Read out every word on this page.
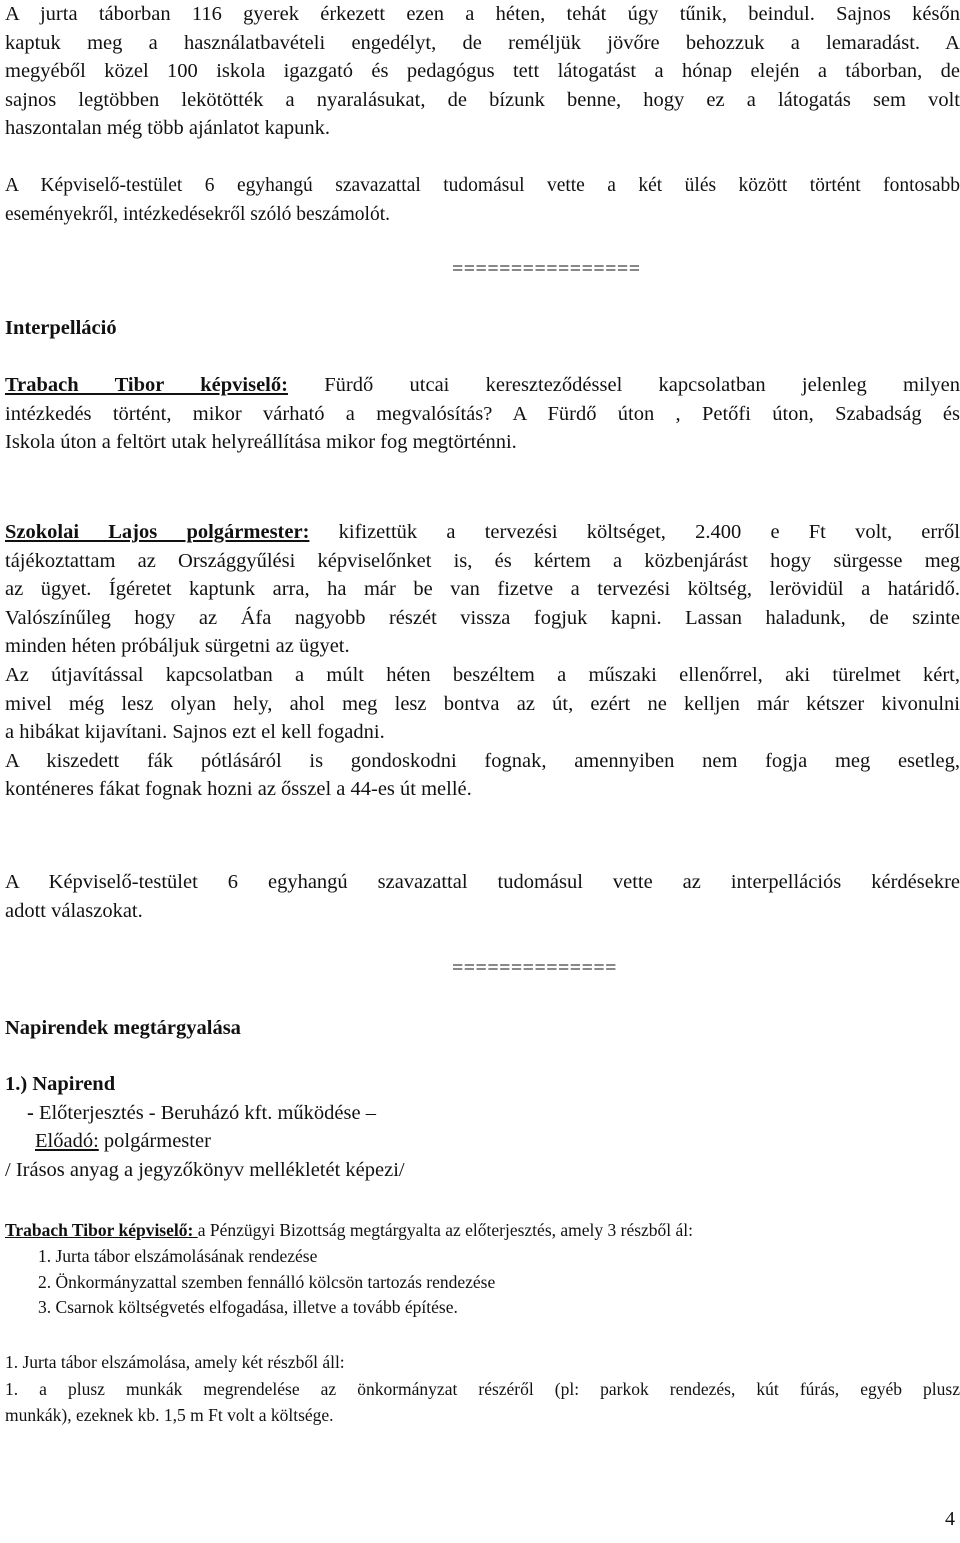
A jurta táborban 116 gyerek érkezett ezen a héten, tehát úgy tűnik, beindul. Sajnos későn

kaptuk meg a használatbavételi engedélyt, de reméljük jövőre behozzuk a lemaradást. A

megyéből közel 100 iskola igazgató és pedagógus tett látogatást a hónap elején a táborban, de

sajnos legtöbben lekötötték a nyaralásukat, de bízunk benne, hogy ez a látogatás sem volt

haszontalan még több ajánlatot kapunk.

A Képviselő-testület 6 egyhangú szavazattal tudomásul vette a két ülés között történt fontosabb

eseményekről, intézkedésekről szóló beszámolót.

================
Interpelláció

Trabach Tibor képviselő: Fürdő utcai kereszteződéssel kapcsolatban jelenleg milyen

intézkedés történt, mikor várható a megvalósítás? A Fürdő úton , Petőfi úton, Szabadság és

Iskola úton a feltört utak helyreállítása mikor fog megtörténni.

Szokolai Lajos polgármester: kifizettük a tervezési költséget, 2.400 e Ft volt, erről

tájékoztattam az Országgyűlési képviselőnket is, és kértem a közbenjárást hogy sürgesse meg

az ügyet. Ígéretet kaptunk arra, ha már be van fizetve a tervezési költség, lerövidül a határidő.

Valószínűleg hogy az Áfa nagyobb részét vissza fogjuk kapni. Lassan haladunk, de szinte

minden héten próbáljuk sürgetni az ügyet.

Az útjavítással kapcsolatban a múlt héten beszéltem a műszaki ellenőrrel, aki türelmet kért,

mivel még lesz olyan hely, ahol meg lesz bontva az út, ezért ne kelljen már kétszer kivonulni

a hibákat kijavítani. Sajnos ezt el kell fogadni.

A kiszedett fák pótlásáról is gondoskodni fognak, amennyiben nem fogja meg esetleg,

konténeres fákat fognak hozni az ősszel a 44-es út mellé.

A Képviselő-testület 6 egyhangú szavazattal tudomásul vette az interpellációs kérdésekre

adott válaszokat.

==============
Napirendek megtárgyalása
1.) Napirend
- Előterjesztés - Beruházó kft. működése –
Előadó: polgármester
/ Irásos anyag a jegyzőkönyv mellékletét képezi/
Trabach Tibor képviselő: a Pénzügyi Bizottság megtárgyalta az előterjesztés, amely 3 részből ál:
1. Jurta tábor elszámolásának rendezése
2. Önkormányzattal szemben fennálló kölcsön tartozás rendezése
3. Csarnok költségvetés elfogadása, illetve a tovább építése.
1. Jurta tábor elszámolása, amely két részből áll:

1. a plusz munkák megrendelése az önkormányzat részéről (pl: parkok rendezés, kút fúrás, egyéb plusz

munkák), ezeknek kb. 1,5 m Ft volt a költsége.

4
